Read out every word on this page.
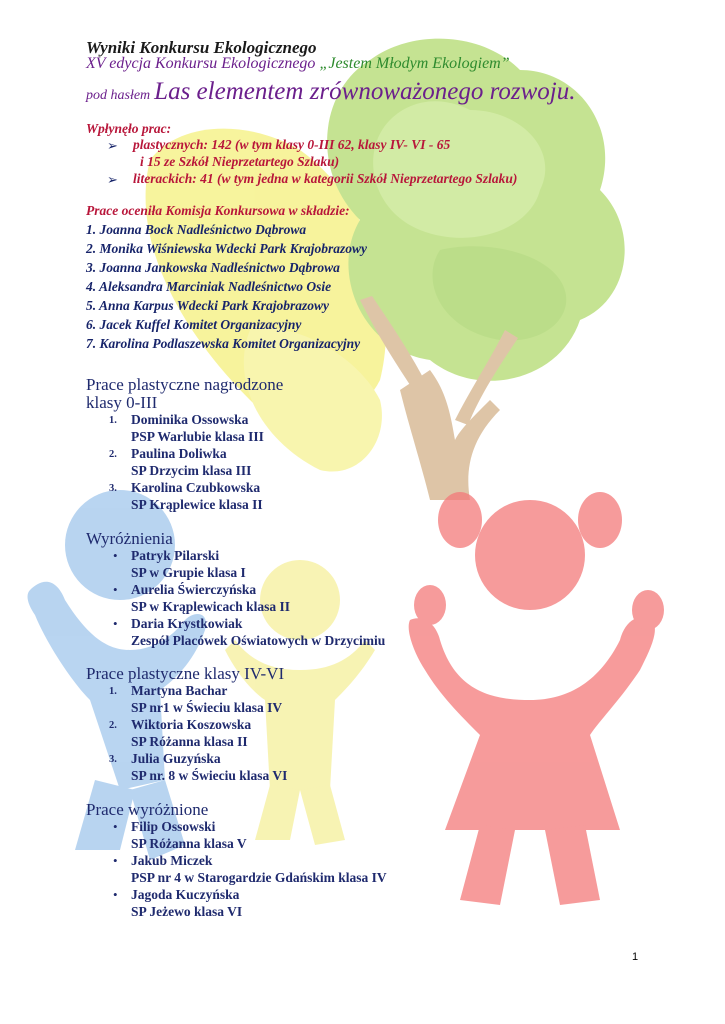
Wyniki Konkursu Ekologicznego
XV edycja Konkursu Ekologicznego „Jestem Młodym Ekologiem”
pod hasłem Las elementem zrównoważonego rozwoju.
Wpłynęło prac:
➢ plastycznych: 142 (w tym klasy 0-III 62, klasy IV- VI - 65
i 15 ze Szkół Nieprzetartego Szlaku)
➢ literackich: 41 (w tym jedna w kategorii Szkół Nieprzetartego Szlaku)
Prace oceniła Komisja Konkursowa w składzie:
1. Joanna Bock Nadleśnictwo Dąbrowa
2. Monika Wiśniewska Wdecki Park Krajobrazowy
3. Joanna Jankowska Nadleśnictwo Dąbrowa
4. Aleksandra Marciniak Nadleśnictwo Osie
5. Anna Karpus Wdecki Park Krajobrazowy
6. Jacek Kuffel Komitet Organizacyjny
7. Karolina Podlaszewska Komitet Organizacyjny
Prace plastyczne nagrodzone
klasy 0-III
1. Dominika Ossowska
PSP Warlubie klasa III
2. Paulina Doliwka
SP Drzycim klasa III
3. Karolina Czubkowska
SP Krąplewice klasa II
Wyróżnienia
• Patryk Pilarski
SP w Grupie klasa I
• Aurelia Świerczyńska
SP w Krąplewicach klasa II
• Daria Krystkowiak
Zespół Placówek Oświatowych w Drzycimiu
Prace plastyczne klasy IV-VI
1. Martyna Bachar
SP nr1 w Świeciu klasa IV
2. Wiktoria Koszowska
SP Różanna klasa II
3. Julia Guzyńska
SP nr. 8 w Świeciu klasa VI
Prace wyróżnione
• Filip Ossowski
SP Różanna klasa V
• Jakub Miczek
PSP nr 4 w Starogardzie Gdańskim klasa IV
• Jagoda Kuczyńska
SP Jeżewo klasa VI
1
